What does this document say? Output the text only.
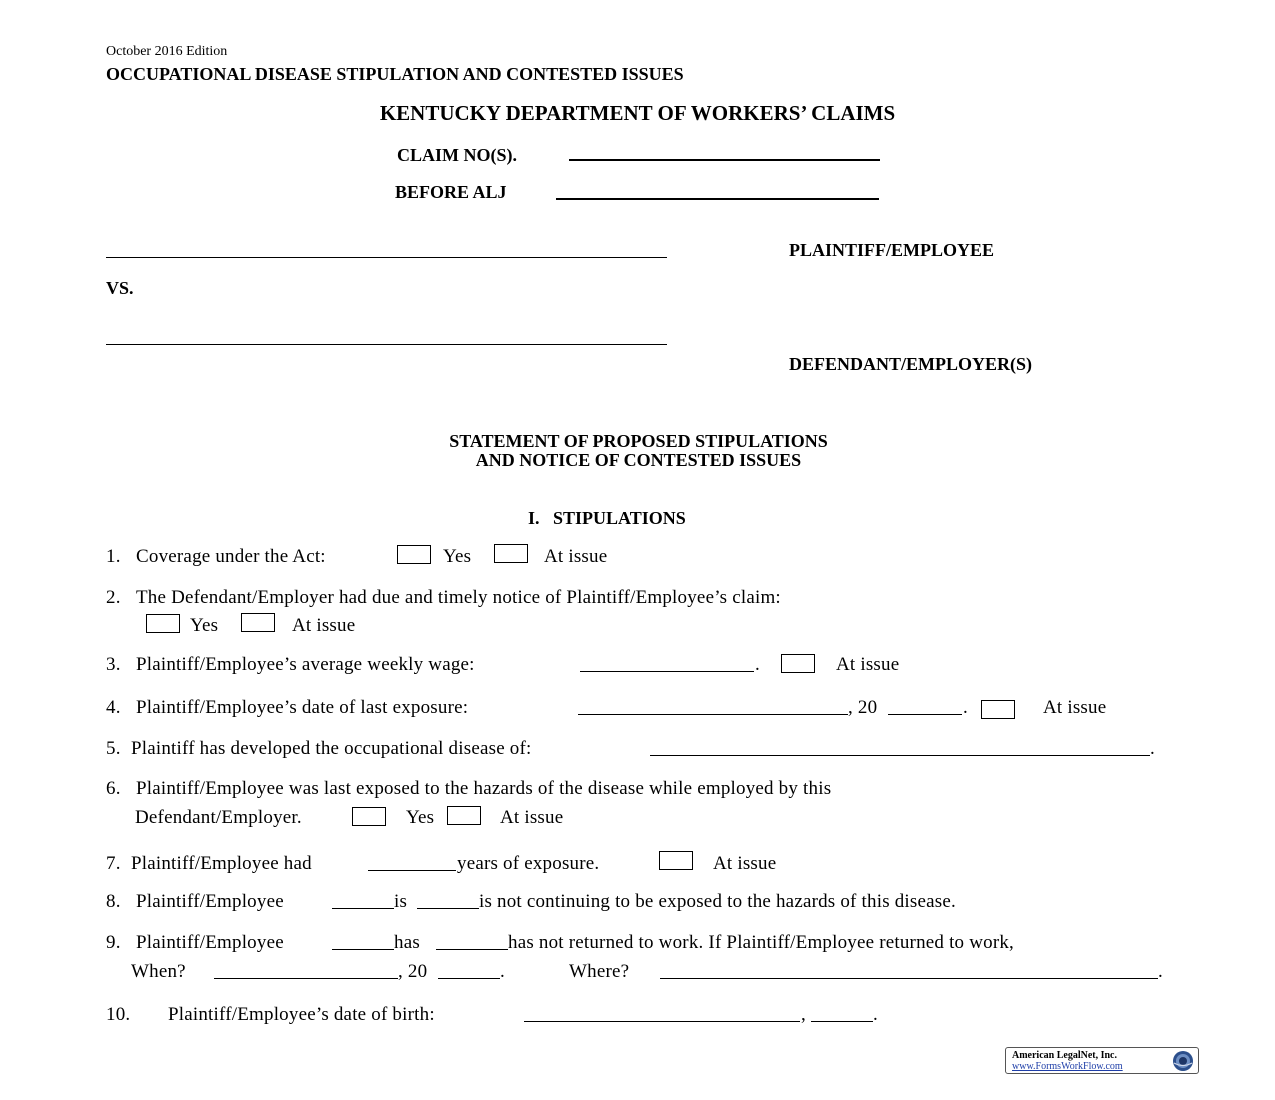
October 2016 Edition
OCCUPATIONAL DISEASE STIPULATION AND CONTESTED ISSUES
KENTUCKY DEPARTMENT OF WORKERS’ CLAIMS
CLAIM NO(S).
BEFORE ALJ
PLAINTIFF/EMPLOYEE
VS.
DEFENDANT/EMPLOYER(S)
STATEMENT OF PROPOSED STIPULATIONS
AND NOTICE OF CONTESTED ISSUES
I.   STIPULATIONS
1. Coverage under the Act:	Yes	At issue
2. The Defendant/Employer had due and timely notice of Plaintiff/Employee’s claim:
Yes	At issue
3. Plaintiff/Employee’s average weekly wage:	.	At issue
4. Plaintiff/Employee’s date of last exposure:	, 20	.	At issue
5. Plaintiff has developed the occupational disease of:	.
6. Plaintiff/Employee was last exposed to the hazards of the disease while employed by this
Defendant/Employer.	Yes	At issue
7. Plaintiff/Employee had	years of exposure.	At issue
8. Plaintiff/Employee	is	is not continuing to be exposed to the hazards of this disease.
9. Plaintiff/Employee	has	has not returned to work. If Plaintiff/Employee returned to work,
When?	, 20	.	Where?	.
10. Plaintiff/Employee’s date of birth:	,	.
American LegalNet, Inc.
www.FormsWorkFlow.com
